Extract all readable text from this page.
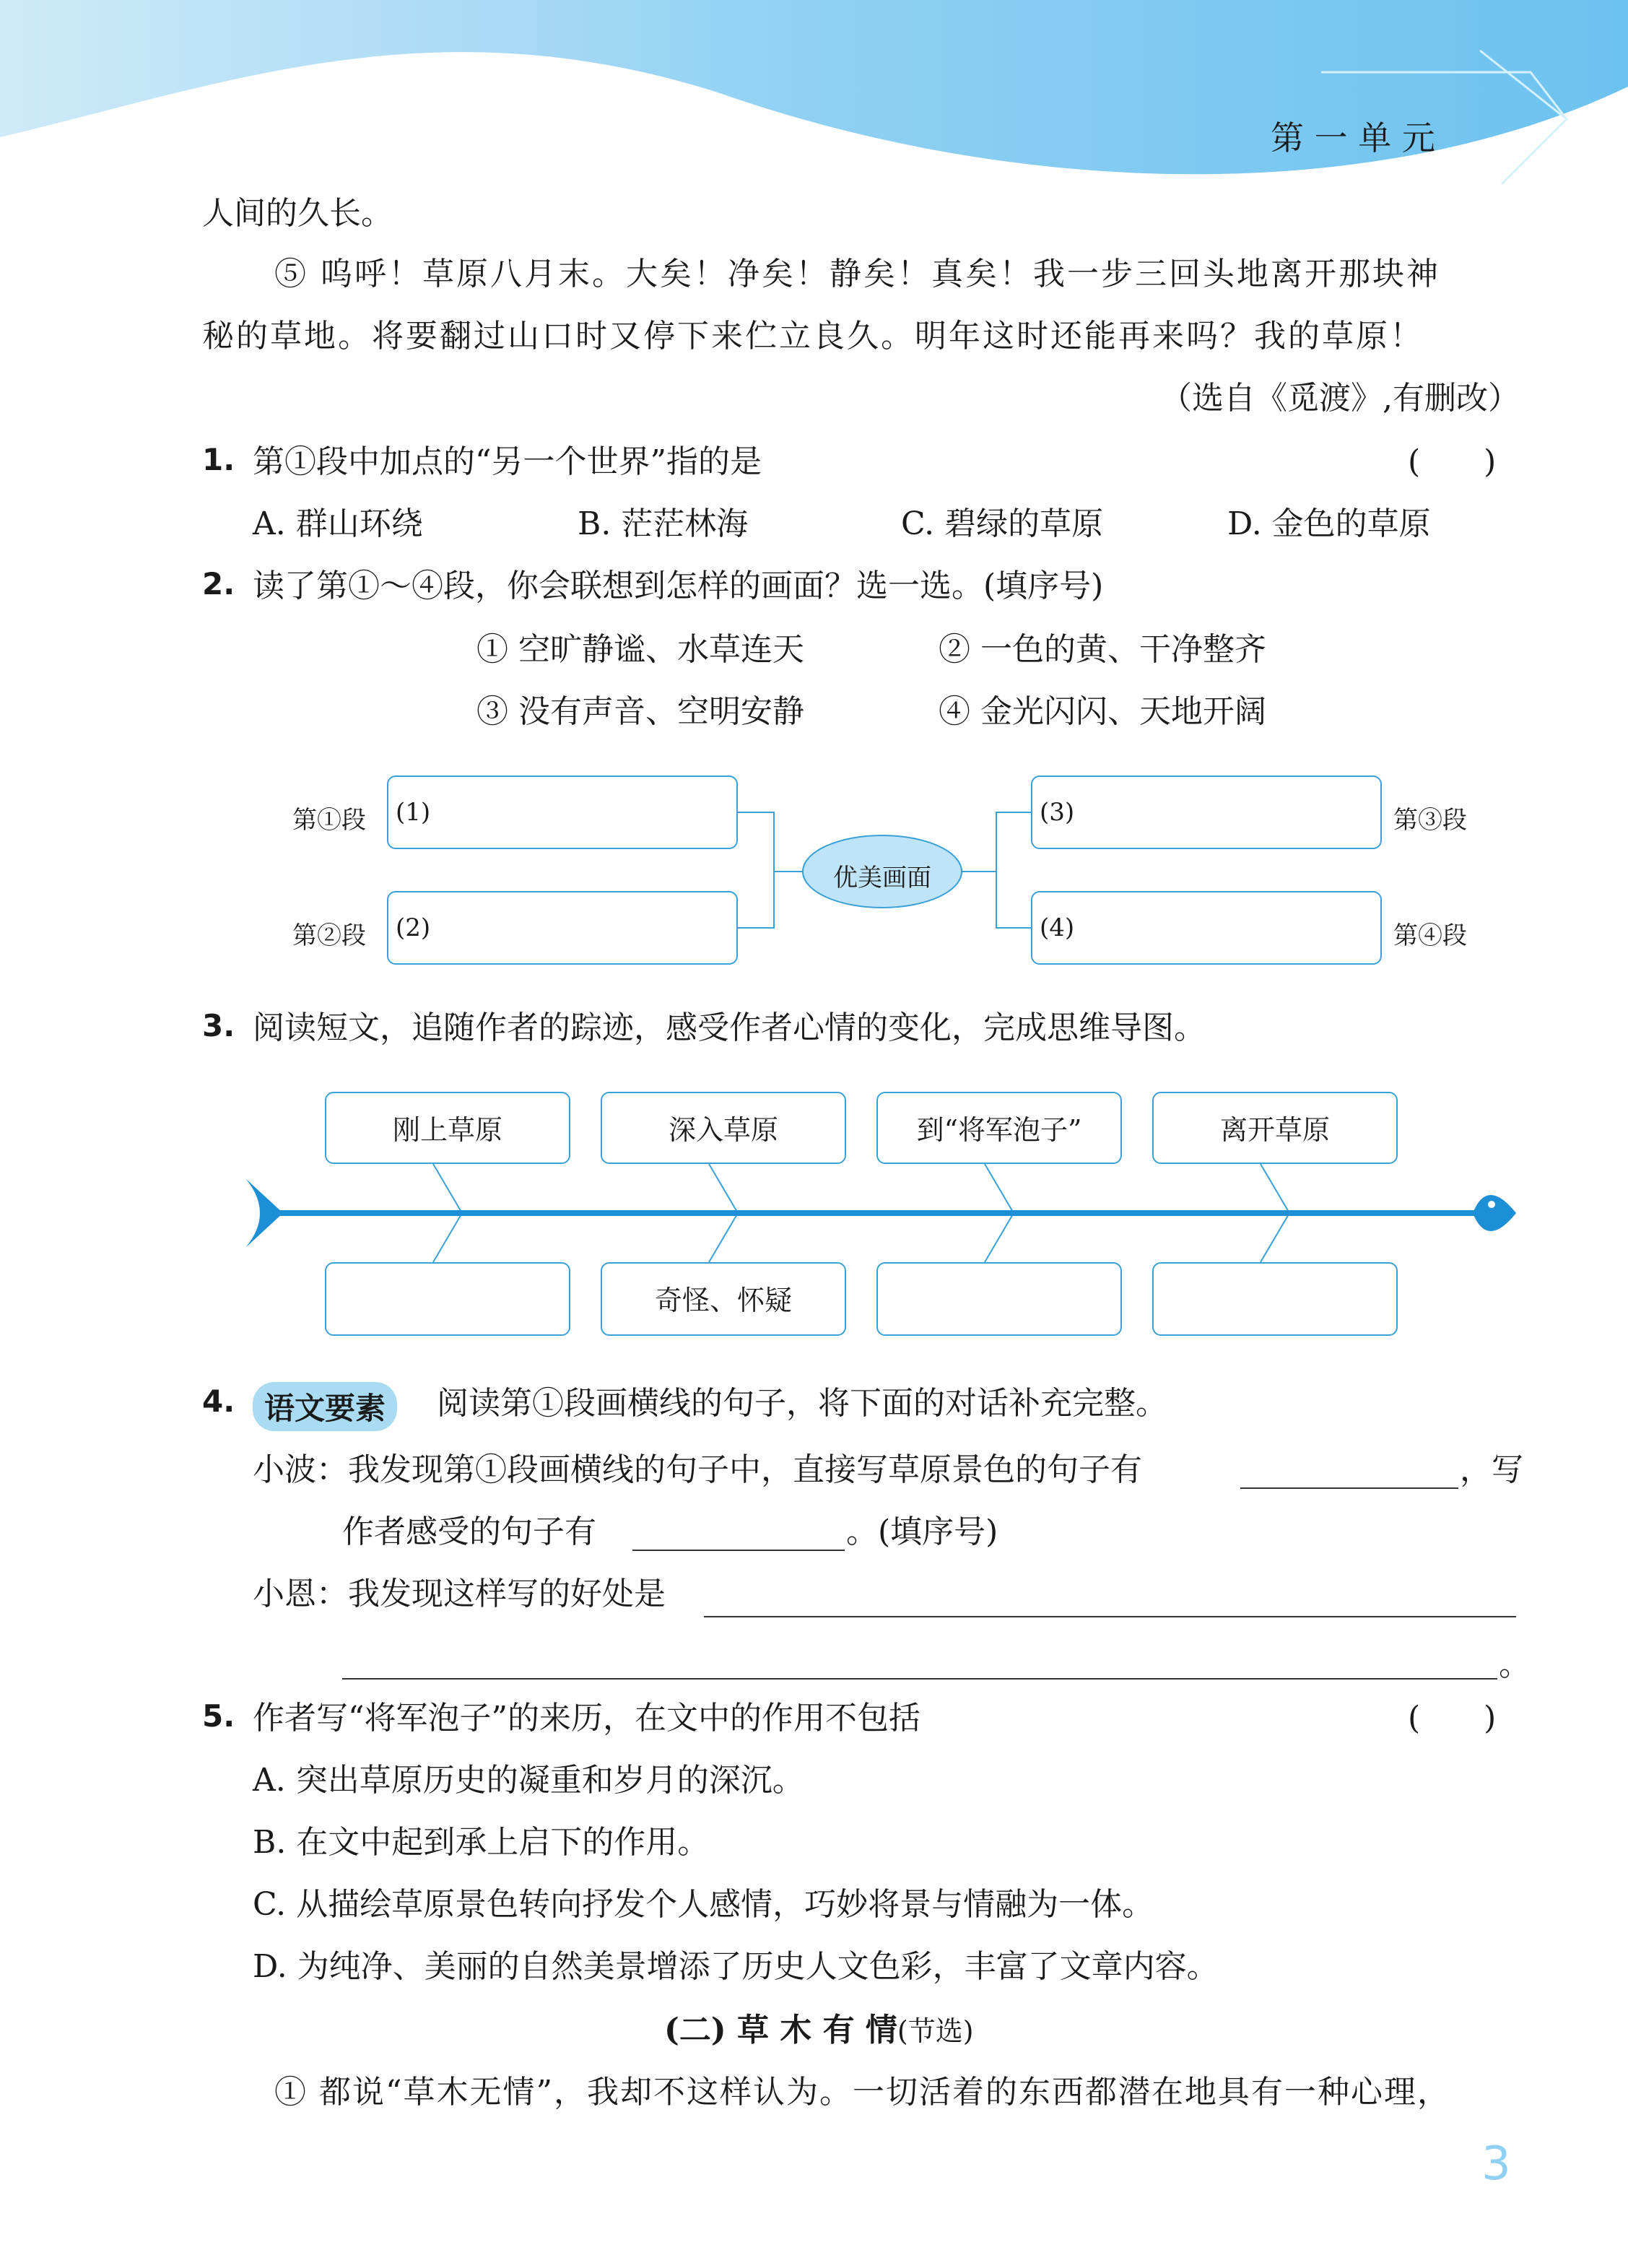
第 一 单 元
人间的久长。
⑤ 呜呼！草原八月末。大矣！净矣！静矣！真矣！我一步三回头地离开那块神
秘的草地。将要翻过山口时又停下来伫立良久。明年这时还能再来吗？我的草原！
（选自《觅渡》,有删改）
1. 第①段中加点的“另一个世界”指的是	(　　)
A. 群山环绕	B. 茫茫林海	C. 碧绿的草原	D. 金色的草原
2. 读了第①～④段，你会联想到怎样的画面？选一选。(填序号)
① 空旷静谧、水草连天	② 一色的黄、干净整齐
③ 没有声音、空明安静	④ 金光闪闪、天地开阔
优美画面
第①段
第②段
第③段
第④段
(1)
(2)
(3)
(4)
3. 阅读短文，追随作者的踪迹，感受作者心情的变化，完成思维导图。
刚上草原	深入草原	到“将军泡子”	离开草原
奇怪、怀疑
4. 语文要素	阅读第①段画横线的句子，将下面的对话补充完整。
小波：我发现第①段画横线的句子中，直接写草原景色的句子有	，写
作者感受的句子有	。(填序号)
小恩：我发现这样写的好处是
。
5. 作者写“将军泡子”的来历，在文中的作用不包括	(　　)
A. 突出草原历史的凝重和岁月的深沉。
B. 在文中起到承上启下的作用。
C. 从描绘草原景色转向抒发个人感情，巧妙将景与情融为一体。
D. 为纯净、美丽的自然美景增添了历史人文色彩，丰富了文章内容。
(二) 草 木 有 情(节选)
① 都说“草木无情”，我却不这样认为。一切活着的东西都潜在地具有一种心理，
3
